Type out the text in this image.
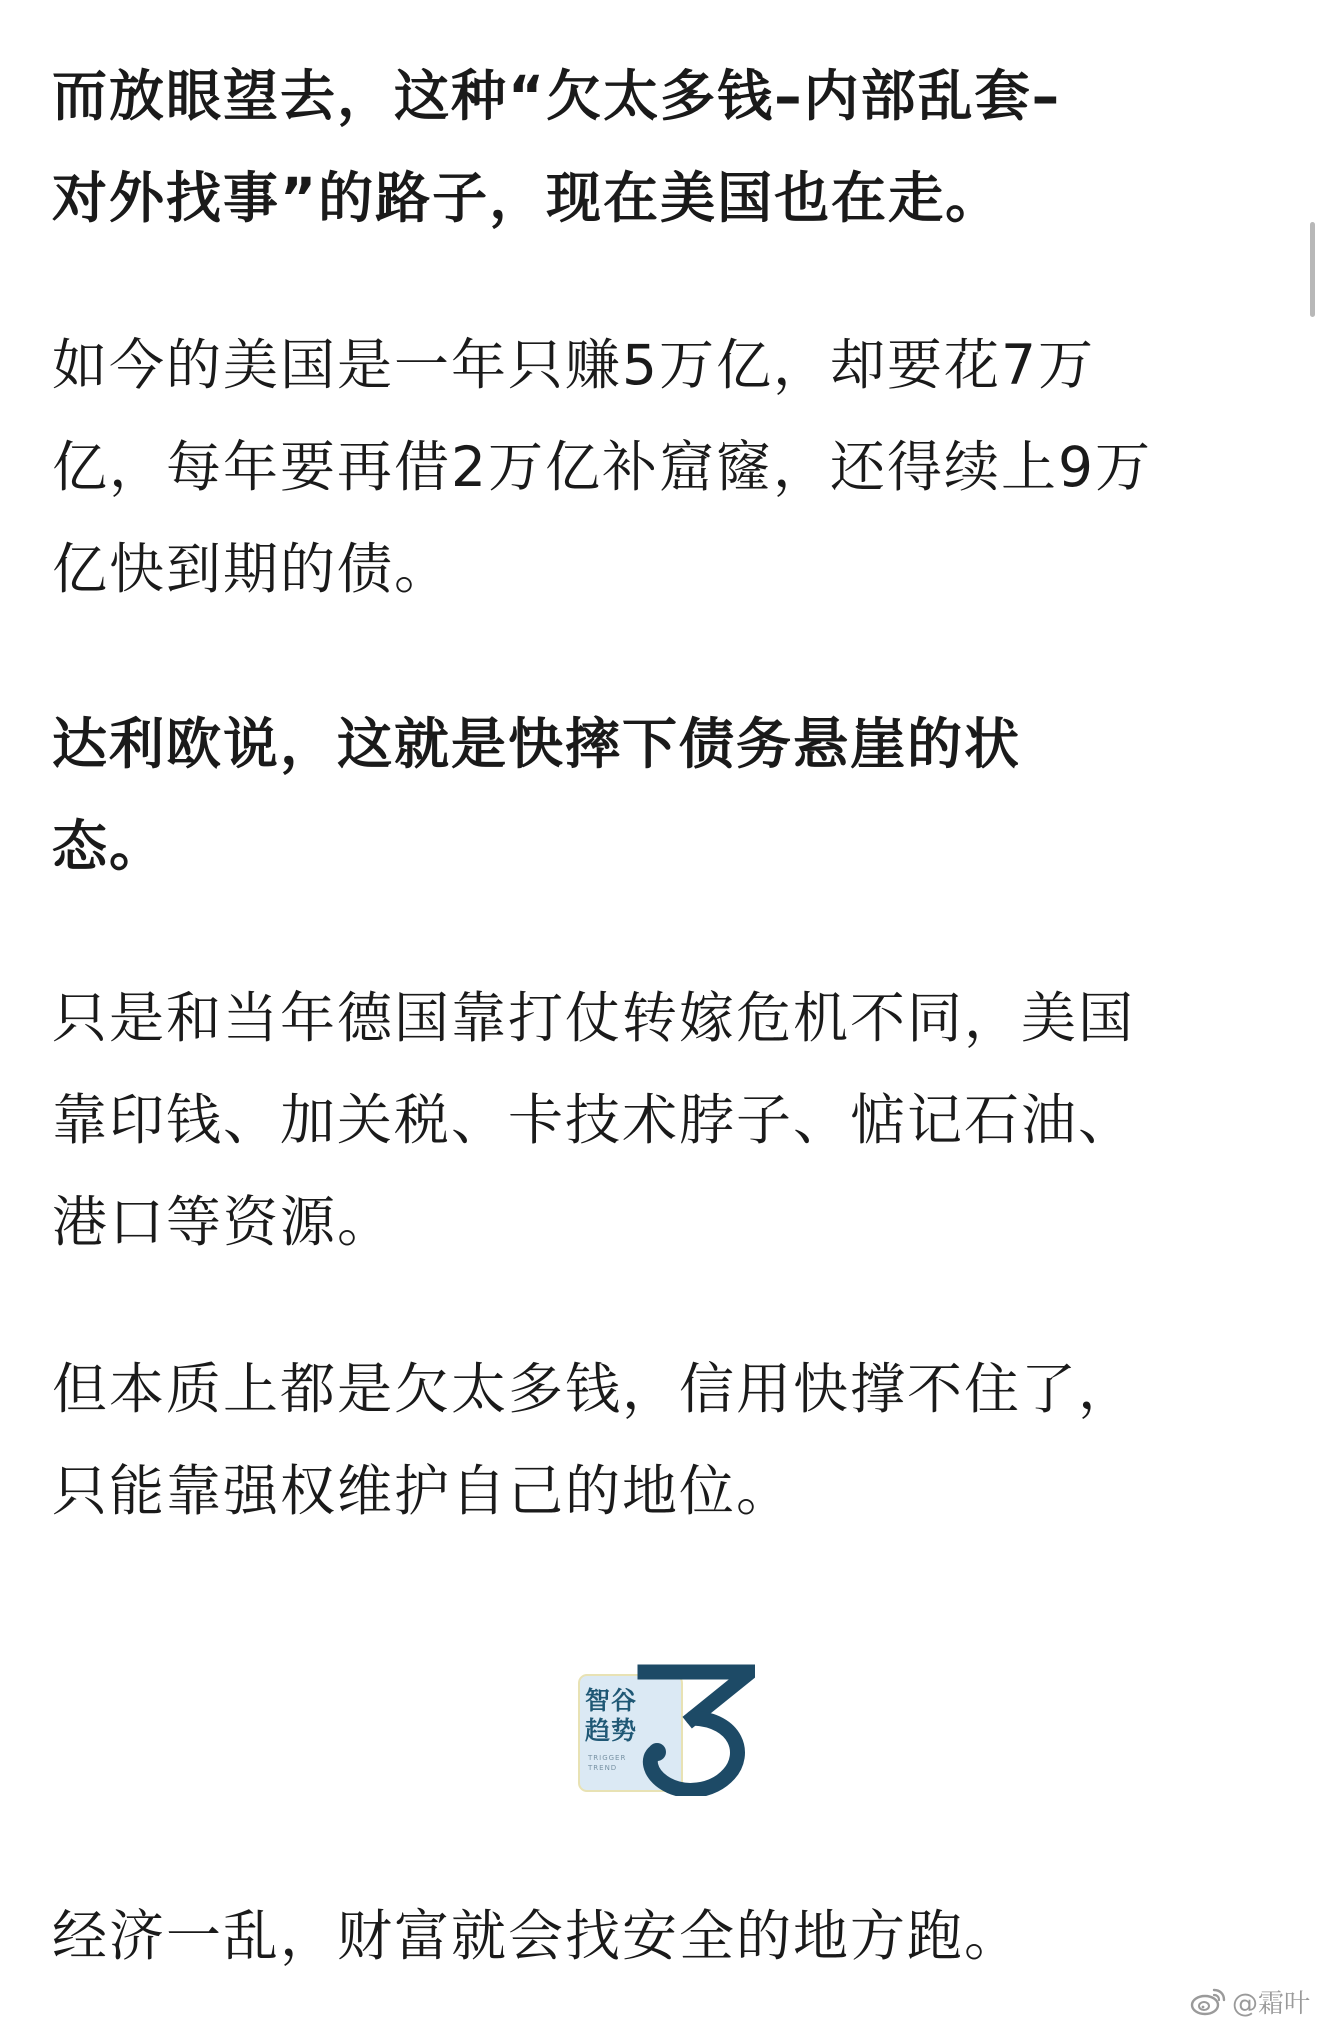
而放眼望去，这种“欠太多钱–内部乱套–
对外找事”的路子，现在美国也在走。

如今的美国是一年只赚5万亿，却要花7万
亿，每年要再借2万亿补窟窿，还得续上9万
亿快到期的债。

达利欧说，这就是快摔下债务悬崖的状
态。

只是和当年德国靠打仗转嫁危机不同，美国
靠印钱、加关税、卡技术脖子、惦记石油、
港口等资源。

但本质上都是欠太多钱，信用快撑不住了，
只能靠强权维护自己的地位。

智谷
趋势
TRIGGER
TREND

经济一乱，财富就会找安全的地方跑。

@霜叶
